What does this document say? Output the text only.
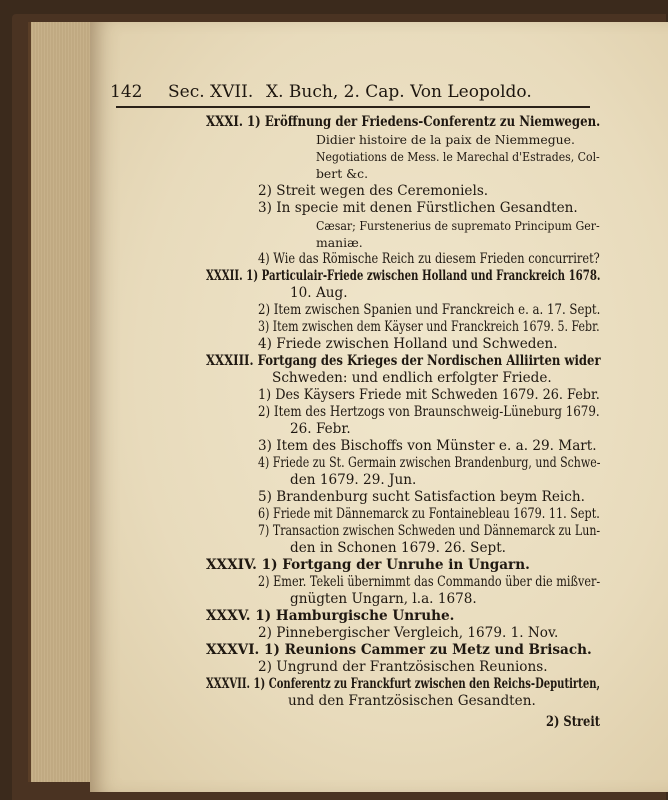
142 Sec. XVII. X. Buch, 2. Cap. Von Leopoldo.
XXXI. 1) Eröffnung der Friedens-Conferentz zu Niemwegen.
Didier histoire de la paix de Niemmegue.
Negotiations de Mess. le Marechal d'Estrades, Col-
bert &c.
2) Streit wegen des Ceremoniels.
3) In specie mit denen Fürstlichen Gesandten.
Cæsar; Furstenerius de supremato Principum Ger-
maniæ.
4) Wie das Römische Reich zu diesem Frieden concurriret?
XXXII. 1) Particulair-Friede zwischen Holland und Franckreich 1678.
10. Aug.
2) Item zwischen Spanien und Franckreich e. a. 17. Sept.
3) Item zwischen dem Käyser und Franckreich 1679. 5. Febr.
4) Friede zwischen Holland und Schweden.
XXXIII. Fortgang des Krieges der Nordischen Alliirten wider
Schweden: und endlich erfolgter Friede.
1) Des Käysers Friede mit Schweden 1679. 26. Febr.
2) Item des Hertzogs von Braunschweig-Lüneburg 1679.
26. Febr.
3) Item des Bischoffs von Münster e. a. 29. Mart.
4) Friede zu St. Germain zwischen Brandenburg, und Schwe-
den 1679. 29. Jun.
5) Brandenburg sucht Satisfaction beym Reich.
6) Friede mit Dännemarck zu Fontainebleau 1679. 11. Sept.
7) Transaction zwischen Schweden und Dännemarck zu Lun-
den in Schonen 1679. 26. Sept.
XXXIV. 1) Fortgang der Unruhe in Ungarn.
2) Emer. Tekeli übernimmt das Commando über die mißver-
gnügten Ungarn, l.a. 1678.
XXXV. 1) Hamburgische Unruhe.
2) Pinnebergischer Vergleich, 1679. 1. Nov.
XXXVI. 1) Reunions Cammer zu Metz und Brisach.
2) Ungrund der Frantzösischen Reunions.
XXXVII. 1) Conferentz zu Franckfurt zwischen den Reichs-Deputirten,
und den Frantzösischen Gesandten.
2) Streit
